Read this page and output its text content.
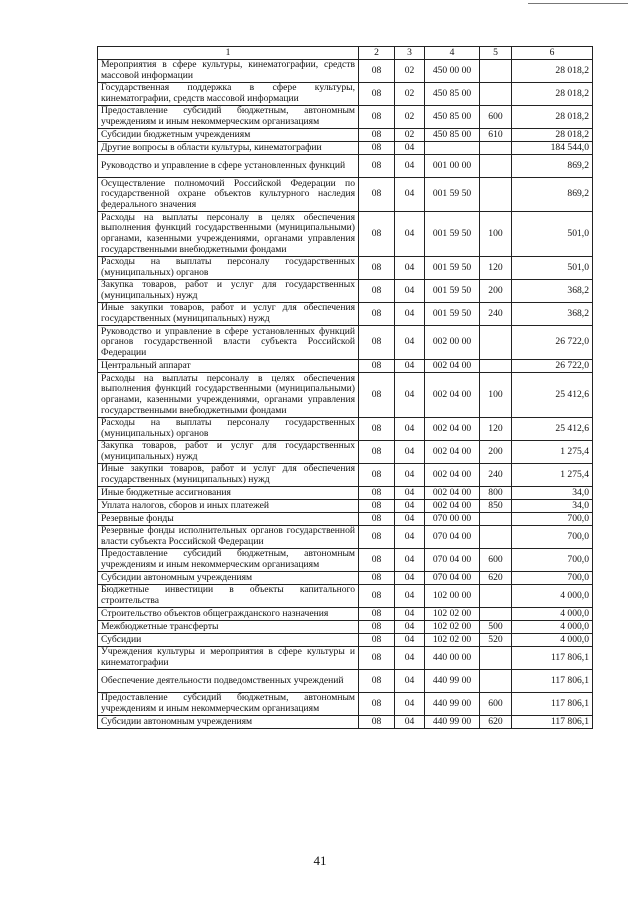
1	2	3	4	5	6
Мероприятия в сфере культуры, кинематографии, средств массовой информации	08	02	450 00 00		28 018,2
Государственная поддержка в сфере культуры, кинематографии, средств массовой информации	08	02	450 85 00		28 018,2
Предоставление субсидий бюджетным, автономным учреждениям и иным некоммерческим организациям	08	02	450 85 00	600	28 018,2
Субсидии бюджетным учреждениям	08	02	450 85 00	610	28 018,2
Другие вопросы в области культуры, кинематографии	08	04			184 544,0
Руководство и управление в сфере установленных функций	08	04	001 00 00		869,2
Осуществление полномочий Российской Федерации по государственной охране объектов культурного наследия федерального значения	08	04	001 59 50		869,2
Расходы на выплаты персоналу в целях обеспечения выполнения функций государственными (муниципальными) органами, казенными учреждениями, органами управления государственными внебюджетными фондами	08	04	001 59 50	100	501,0
Расходы на выплаты персоналу государственных (муниципальных) органов	08	04	001 59 50	120	501,0
Закупка товаров, работ и услуг для государственных (муниципальных) нужд	08	04	001 59 50	200	368,2
Иные закупки товаров, работ и услуг для обеспечения государственных (муниципальных) нужд	08	04	001 59 50	240	368,2
Руководство и управление в сфере установленных функций органов государственной власти субъекта Российской Федерации	08	04	002 00 00		26 722,0
Центральный аппарат	08	04	002 04 00		26 722,0
Расходы на выплаты персоналу в целях обеспечения выполнения функций государственными (муниципальными) органами, казенными учреждениями, органами управления государственными внебюджетными фондами	08	04	002 04 00	100	25 412,6
Расходы на выплаты персоналу государственных (муниципальных) органов	08	04	002 04 00	120	25 412,6
Закупка товаров, работ и услуг для государственных (муниципальных) нужд	08	04	002 04 00	200	1 275,4
Иные закупки товаров, работ и услуг для обеспечения государственных (муниципальных) нужд	08	04	002 04 00	240	1 275,4
Иные бюджетные ассигнования	08	04	002 04 00	800	34,0
Уплата налогов, сборов и иных платежей	08	04	002 04 00	850	34,0
Резервные фонды	08	04	070 00 00		700,0
Резервные фонды исполнительных органов государственной власти субъекта Российской Федерации	08	04	070 04 00		700,0
Предоставление субсидий бюджетным, автономным учреждениям и иным некоммерческим организациям	08	04	070 04 00	600	700,0
Субсидии автономным учреждениям	08	04	070 04 00	620	700,0
Бюджетные инвестиции в объекты капитального строительства	08	04	102 00 00		4 000,0
Строительство объектов общегражданского назначения	08	04	102 02 00		4 000,0
Межбюджетные трансферты	08	04	102 02 00	500	4 000,0
Субсидии	08	04	102 02 00	520	4 000,0
Учреждения культуры и мероприятия в сфере культуры и кинематографии	08	04	440 00 00		117 806,1
Обеспечение деятельности подведомственных учреждений	08	04	440 99 00		117 806,1
Предоставление субсидий бюджетным, автономным учреждениям и иным некоммерческим организациям	08	04	440 99 00	600	117 806,1
Субсидии автономным учреждениям	08	04	440 99 00	620	117 806,1
41
